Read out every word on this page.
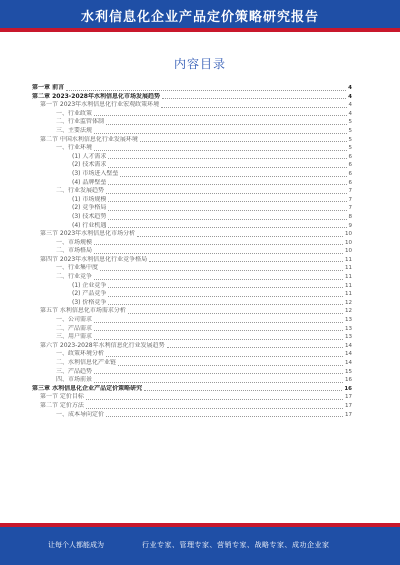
水利信息化企业产品定价策略研究报告
内容目录
第一章 前言	4
第二章 2023-2028年水利信息化市场发展趋势	4
第一节 2023年水利信息化行业宏观政策环境	4
一、行业政策	4
二、行业监管体制	5
三、主要法规	5
第二节 中国水利信息化行业发展环境	5
一、行业环境	5
(1) 人才需求	6
(2) 技术需求	6
(3) 市场进入壁垒	6
(4) 品牌壁垒	6
二、行业发展趋势	7
(1) 市场规模	7
(2) 竞争格局	7
(3) 技术趋势	8
(4) 行业机遇	9
第三节 2023年水利信息化市场分析	10
一、市场规模	10
二、市场格局	10
第四节 2023年水利信息化行业竞争格局	11
一、行业集中度	11
二、行业竞争	11
(1) 企业竞争	11
(2) 产品竞争	11
(3) 价格竞争	12
第五节 水利信息化市场需求分析	12
一、公司需求	13
二、产品需求	13
三、用户需求	13
第六节 2023-2028年水利信息化行业发展趋势	14
一、政策环境分析	14
二、水利信息化产业链	14
三、产品趋势	15
四、市场前景	16
第三章 水利信息化企业产品定价策略研究	16
第一节 定价目标	17
第二节 定价方法	17
一、成本导向定价	17
让每个人都能成为	行业专家、管理专家、营销专家、战略专家、成功企业家
